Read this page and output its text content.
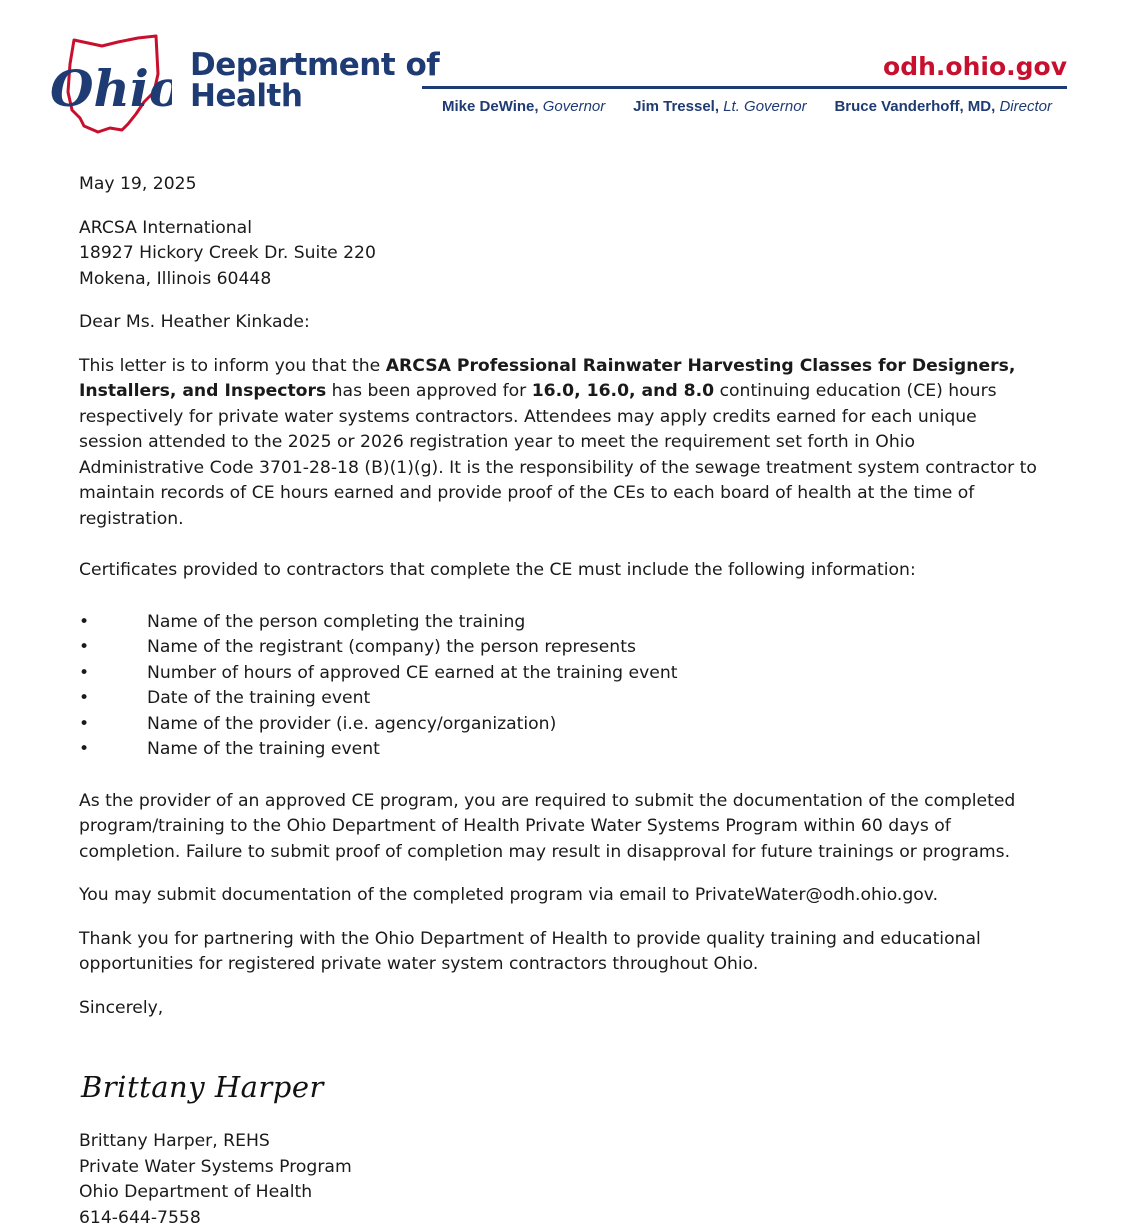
Ohio Department of
Health
odh.ohio.gov
Mike DeWine, Governor Jim Tressel, Lt. Governor Bruce Vanderhoff, MD, Director

May 19, 2025

ARCSA International

18927 Hickory Creek Dr. Suite 220

Mokena, Illinois 60448

Dear Ms. Heather Kinkade:

This letter is to inform you that the ARCSA Professional Rainwater Harvesting Classes for Designers, Installers, and Inspectors has been approved for 16.0, 16.0, and 8.0 continuing education (CE) hours respectively for private water systems contractors. Attendees may apply credits earned for each unique session attended to the 2025 or 2026 registration year to meet the requirement set forth in Ohio Administrative Code 3701-28-18 (B)(1)(g). It is the responsibility of the sewage treatment system contractor to maintain records of CE hours earned and provide proof of the CEs to each board of health at the time of registration.

Certificates provided to contractors that complete the CE must include the following information:

•	Name of the person completing the training
•	Name of the registrant (company) the person represents
•	Number of hours of approved CE earned at the training event
•	Date of the training event
•	Name of the provider (i.e. agency/organization)
•	Name of the training event

As the provider of an approved CE program, you are required to submit the documentation of the completed program/training to the Ohio Department of Health Private Water Systems Program within 60 days of completion. Failure to submit proof of completion may result in disapproval for future trainings or programs.

You may submit documentation of the completed program via email to PrivateWater@odh.ohio.gov.

Thank you for partnering with the Ohio Department of Health to provide quality training and educational opportunities for registered private water system contractors throughout Ohio.

Sincerely,

Brittany Harper

Brittany Harper, REHS

Private Water Systems Program

Ohio Department of Health

614-644-7558
